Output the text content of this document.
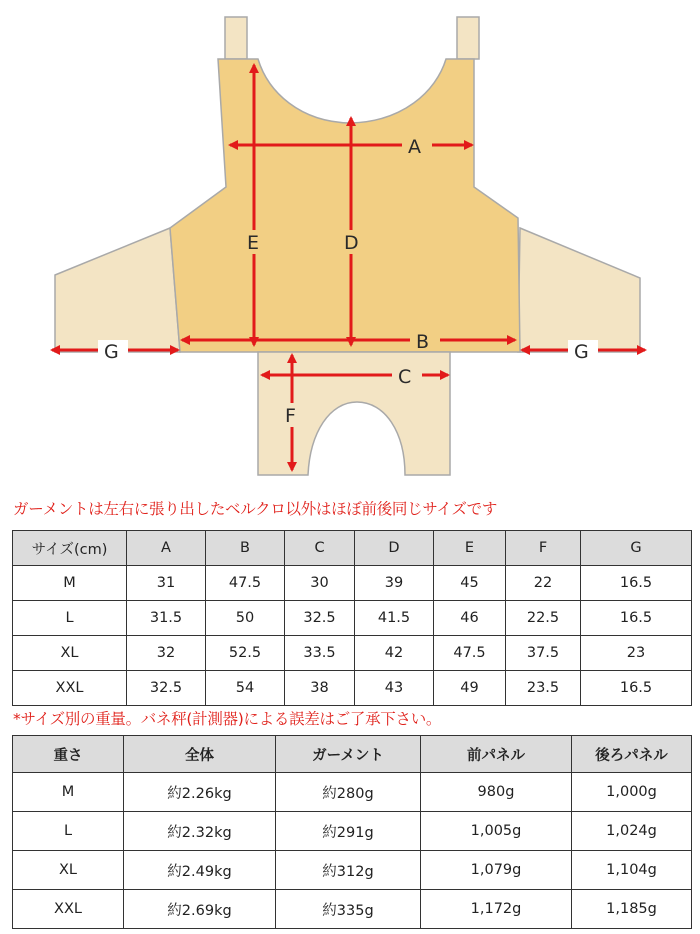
A
B
C
D
E
F
G	G
ガーメントは左右に張り出したベルクロ以外はほぼ前後同じサイズです
サイズ(cm)	A	B	C	D	E	F	G
M	31	47.5	30	39	45	22	16.5
L	31.5	50	32.5	41.5	46	22.5	16.5
XL	32	52.5	33.5	42	47.5	37.5	23
XXL	32.5	54	38	43	49	23.5	16.5
*サイズ別の重量。バネ秤(計測器)による誤差はご了承下さい。
重さ	全体	ガーメント	前パネル	後ろパネル
M	約2.26kg	約280g	980g	1,000g
L	約2.32kg	約291g	1,005g	1,024g
XL	約2.49kg	約312g	1,079g	1,104g
XXL	約2.69kg	約335g	1,172g	1,185g
